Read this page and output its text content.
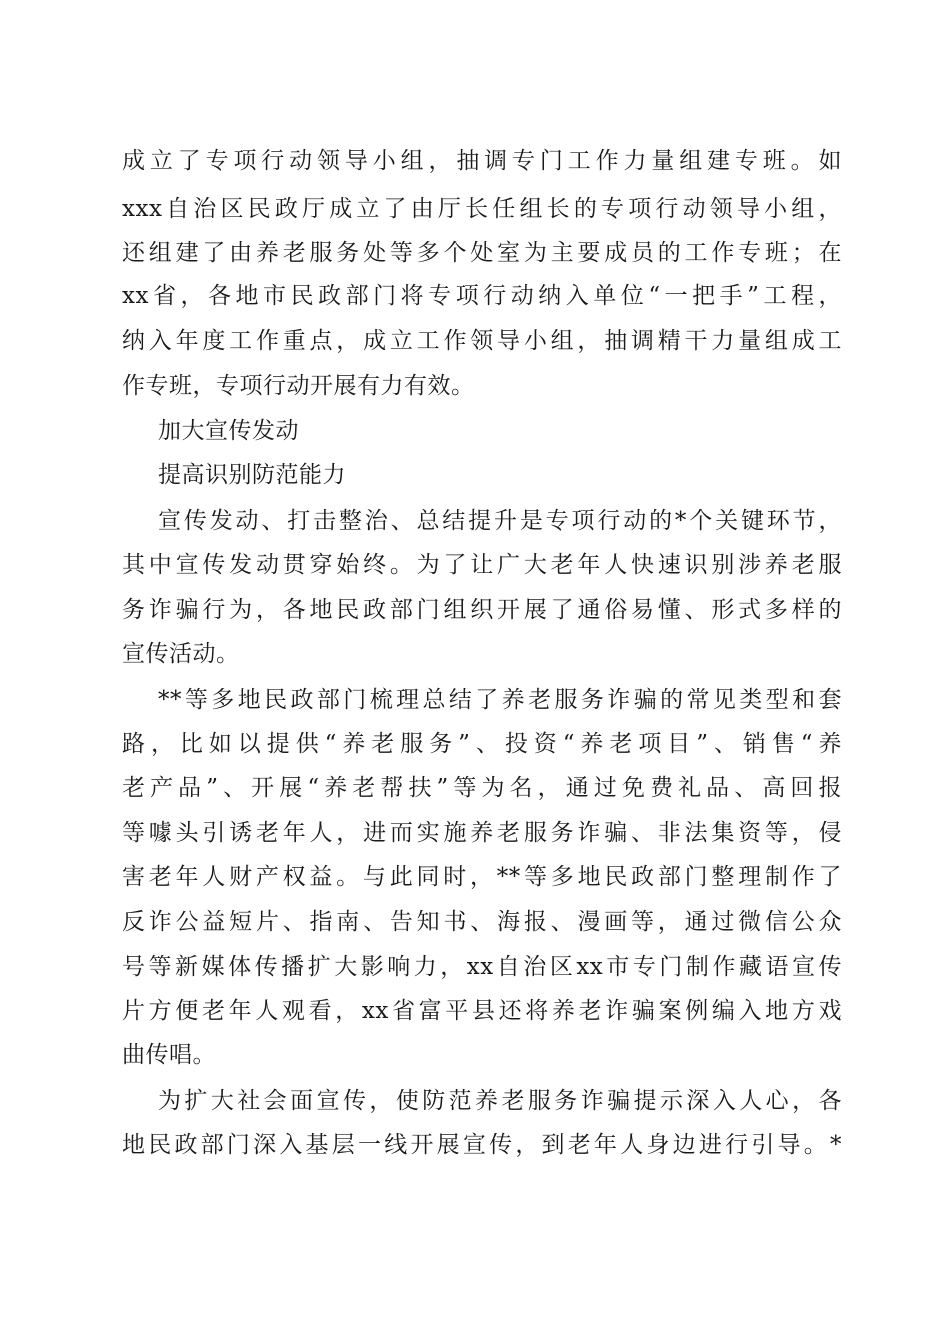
成立了专项行动领导小组，抽调专门工作力量组建专班。如

xxx自治区民政厅成立了由厅长任组长的专项行动领导小组，

还组建了由养老服务处等多个处室为主要成员的工作专班；在

xx省，各地市民政部门将专项行动纳入单位“一把手”工程，

纳入年度工作重点，成立工作领导小组，抽调精干力量组成工

作专班，专项行动开展有力有效。

加大宣传发动

提高识别防范能力

宣传发动、打击整治、总结提升是专项行动的*个关键环节，

其中宣传发动贯穿始终。为了让广大老年人快速识别涉养老服

务诈骗行为，各地民政部门组织开展了通俗易懂、形式多样的

宣传活动。

**等多地民政部门梳理总结了养老服务诈骗的常见类型和套

路，比如以提供“养老服务”、投资“养老项目”、销售“养

老产品”、开展“养老帮扶”等为名，通过免费礼品、高回报

等噱头引诱老年人，进而实施养老服务诈骗、非法集资等，侵

害老年人财产权益。与此同时，**等多地民政部门整理制作了

反诈公益短片、指南、告知书、海报、漫画等，通过微信公众

号等新媒体传播扩大影响力，xx自治区xx市专门制作藏语宣传

片方便老年人观看，xx省富平县还将养老诈骗案例编入地方戏

曲传唱。

为扩大社会面宣传，使防范养老服务诈骗提示深入人心，各

地民政部门深入基层一线开展宣传，到老年人身边进行引导。*
